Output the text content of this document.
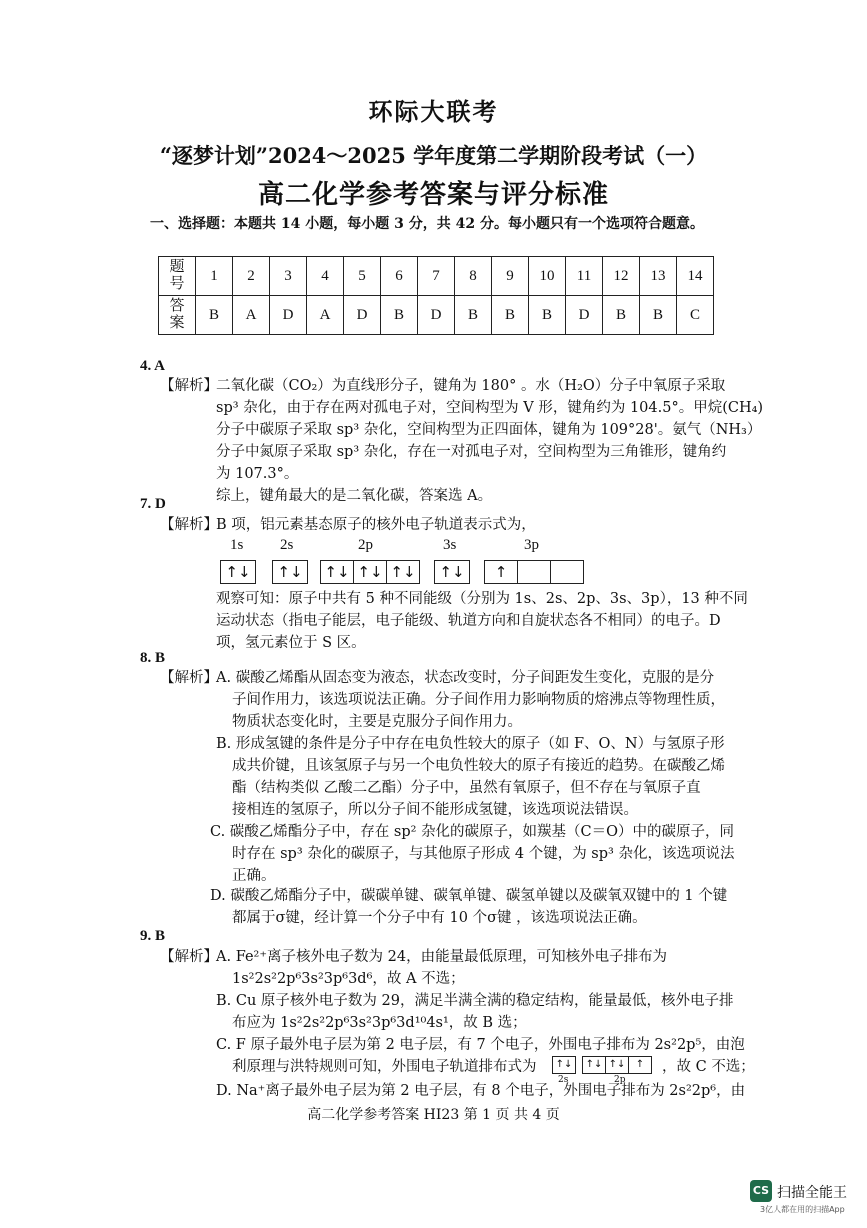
环际大联考
“逐梦计划”2024～2025 学年度第二学期阶段考试（一）
高二化学参考答案与评分标准
一、选择题：本题共 14 小题，每小题 3 分，共 42 分。每小题只有一个选项符合题意。
题号	1	2	3	4	5	6	7	8	9	10	11	12	13	14
答案	B	A	D	A	D	B	D	B	B	B	D	B	B	C
4. A
【解析】
二氧化碳（CO₂）为直线形分子，键角为 180° 。水（H₂O）分子中氧原子采取
sp³ 杂化，由于存在两对孤电子对，空间构型为 V 形，键角约为 104.5°。甲烷(CH₄)
分子中碳原子采取 sp³ 杂化，空间构型为正四面体，键角为 109°28'。氨气（NH₃）
分子中氮原子采取 sp³ 杂化，存在一对孤电子对，空间构型为三角锥形，键角约
为 107.3°。
综上，键角最大的是二氧化碳，答案选 A。
7. D
【解析】
B 项，铝元素基态原子的核外电子轨道表示式为，
1s 2s	2p	3s	3p
↑↓ ↑↓ ↑↓ ↑↓ ↑↓ ↑↓	↑
观察可知：原子中共有 5 种不同能级（分别为 1s、2s、2p、3s、3p），13 种不同
运动状态（指电子能层，电子能级、轨道方向和自旋状态各不相同）的电子。D
项，氢元素位于 S 区。
8. B
【解析】
A. 碳酸乙烯酯从固态变为液态，状态改变时，分子间距发生变化，克服的是分
子间作用力，该选项说法正确。分子间作用力影响物质的熔沸点等物理性质，
物质状态变化时，主要是克服分子间作用力。
B. 形成氢键的条件是分子中存在电负性较大的原子（如 F、O、N）与氢原子形
成共价键，且该氢原子与另一个电负性较大的原子有接近的趋势。在碳酸乙烯
酯（结构类似 乙酸二乙酯）分子中，虽然有氧原子，但不存在与氧原子直
接相连的氢原子，所以分子间不能形成氢键，该选项说法错误。
C. 碳酸乙烯酯分子中，存在 sp² 杂化的碳原子，如羰基（C＝O）中的碳原子，同
时存在 sp³ 杂化的碳原子，与其他原子形成 4 个键，为 sp³ 杂化，该选项说法
正确。
D. 碳酸乙烯酯分子中，碳碳单键、碳氧单键、碳氢单键以及碳氧双键中的 1 个键
都属于σ键，经计算一个分子中有 10 个σ键 ，该选项说法正确。
9. B
【解析】
A. Fe²⁺离子核外电子数为 24，由能量最低原理，可知核外电子排布为
1s²2s²2p⁶3s²3p⁶3d⁶，故 A 不选；
B. Cu 原子核外电子数为 29，满足半满全满的稳定结构，能量最低，核外电子排
布应为 1s²2s²2p⁶3s²3p⁶3d¹⁰4s¹，故 B 选；
C. F 原子最外电子层为第 2 电子层，有 7 个电子，外围电子排布为 2s²2p⁵，由泡
利原理与洪特规则可知，外围电子轨道排布式为 ↑↓ ↑↓ ↑↓	↑
2s	2p
，故 C 不选；
D. Na⁺离子最外电子层为第 2 电子层，有 8 个电子，外围电子排布为 2s²2p⁶，由
高二化学参考答案 HI23 第 1 页 共 4 页
CS 扫描全能王
3亿人都在用的扫描App
